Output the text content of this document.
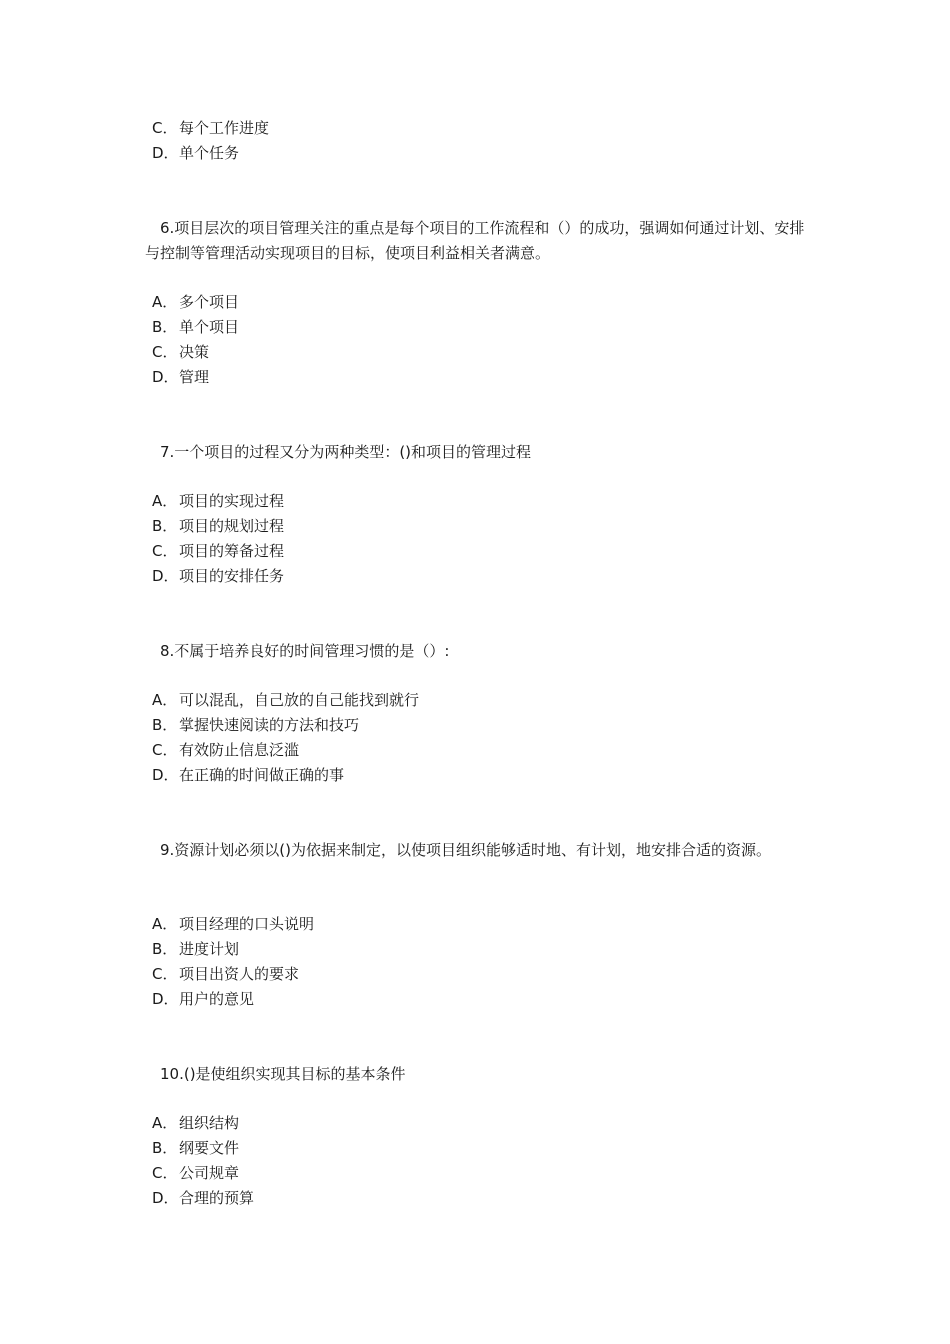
C． 每个工作进度
D．单个任务
6.项目层次的项目管理关注的重点是每个项目的工作流程和（）的成功，强调如何通过计划、安排与控制等管理活动实现项目的目标，使项目利益相关者满意。
A． 多个项目
B． 单个项目
C． 决策
D．管理
7.一个项目的过程又分为两种类型：()和项目的管理过程
A． 项目的实现过程
B． 项目的规划过程
C． 项目的筹备过程
D．项目的安排任务
8.不属于培养良好的时间管理习惯的是（）:
A． 可以混乱，自己放的自己能找到就行
B． 掌握快速阅读的方法和技巧
C． 有效防止信息泛滥
D．在正确的时间做正确的事
9.资源计划必须以()为依据来制定，以使项目组织能够适时地、有计划，地安排合适的资源。
A． 项目经理的口头说明
B． 进度计划
C． 项目出资人的要求
D．用户的意见
10.()是使组织实现其目标的基本条件
A． 组织结构
B． 纲要文件
C． 公司规章
D．合理的预算
